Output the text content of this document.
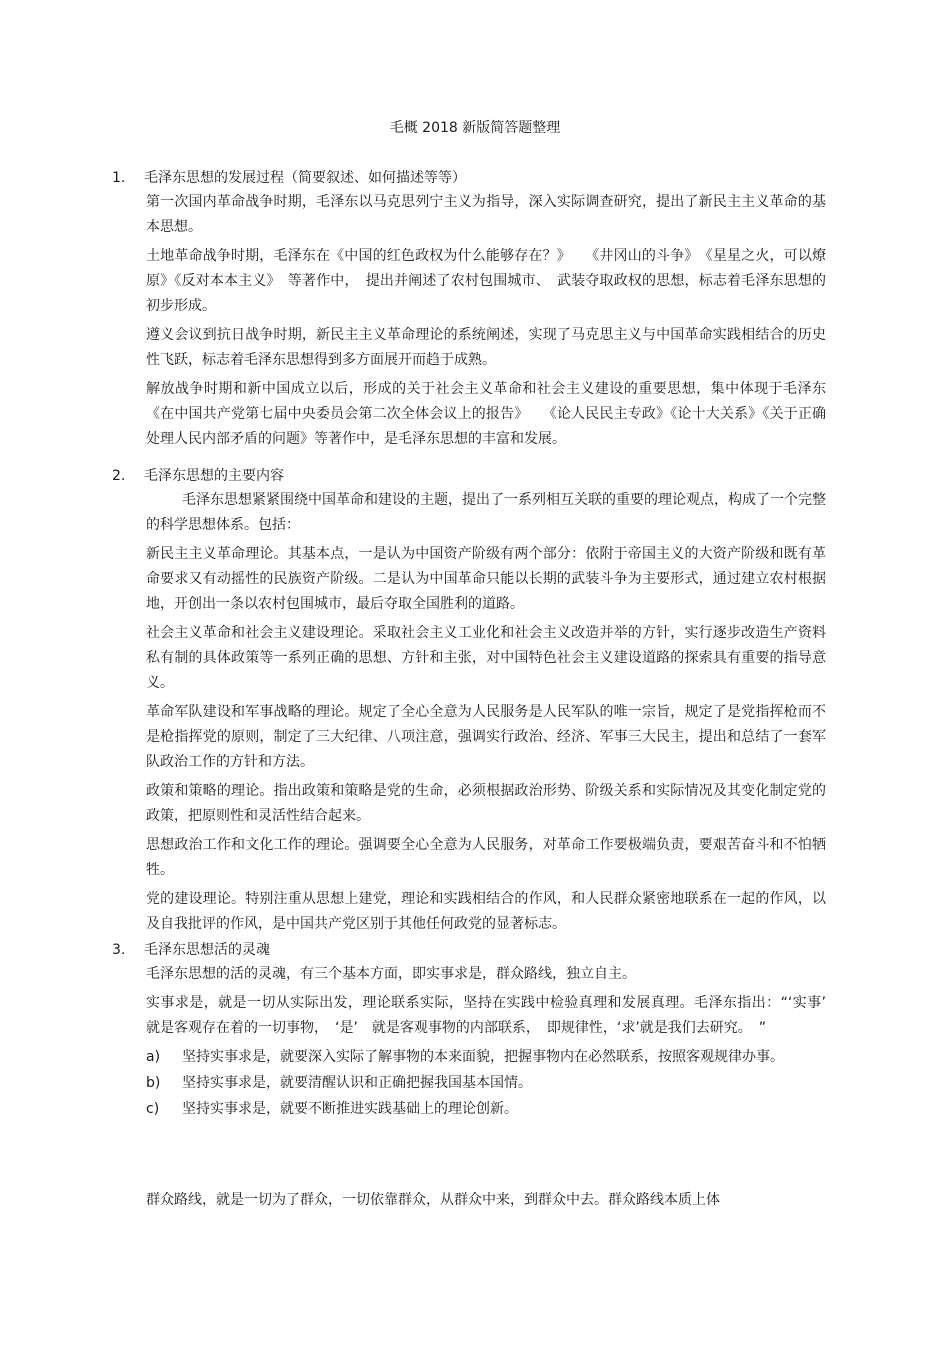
毛概 2018 新版简答题整理
1.	毛泽东思想的发展过程（简要叙述、如何描述等等）
第一次国内革命战争时期，毛泽东以马克思列宁主义为指导，深入实际调查研究，提出了新民主主义革命的基本思想。
土地革命战争时期，毛泽东在《中国的红色政权为什么能够存在？》　　《井冈山的斗争》　《星星之火，可以燎原》《反对本本主义》　等著作中，　提出并阐述了农村包围城市、　武装夺取政权的思想，标志着毛泽东思想的初步形成。
遵义会议到抗日战争时期，新民主主义革命理论的系统阐述，实现了马克思主义与中国革命实践相结合的历史性飞跃，标志着毛泽东思想得到多方面展开而趋于成熟。
解放战争时期和新中国成立以后，形成的关于社会主义革命和社会主义建设的重要思想，集中体现于毛泽东《在中国共产党第七届中央委员会第二次全体会议上的报告》　　《论人民民主专政》《论十大关系》《关于正确处理人民内部矛盾的问题》等著作中，是毛泽东思想的丰富和发展。
2.	毛泽东思想的主要内容
毛泽东思想紧紧围绕中国革命和建设的主题，提出了一系列相互关联的重要的理论观点，构成了一个完整的科学思想体系。包括：
新民主主义革命理论。其基本点，一是认为中国资产阶级有两个部分：依附于帝国主义的大资产阶级和既有革命要求又有动摇性的民族资产阶级。二是认为中国革命只能以长期的武装斗争为主要形式，通过建立农村根据地，开创出一条以农村包围城市，最后夺取全国胜利的道路。
社会主义革命和社会主义建设理论。采取社会主义工业化和社会主义改造并举的方针，实行逐步改造生产资料私有制的具体政策等一系列正确的思想、方针和主张，对中国特色社会主义建设道路的探索具有重要的指导意义。
革命军队建设和军事战略的理论。规定了全心全意为人民服务是人民军队的唯一宗旨，规定了是党指挥枪而不是枪指挥党的原则，制定了三大纪律、八项注意，强调实行政治、经济、军事三大民主，提出和总结了一套军队政治工作的方针和方法。
政策和策略的理论。指出政策和策略是党的生命，必须根据政治形势、阶级关系和实际情况及其变化制定党的政策，把原则性和灵活性结合起来。
思想政治工作和文化工作的理论。强调要全心全意为人民服务，对革命工作要极端负责，要艰苦奋斗和不怕牺牲。
党的建设理论。特别注重从思想上建党，理论和实践相结合的作风，和人民群众紧密地联系在一起的作风，以及自我批评的作风，是中国共产党区别于其他任何政党的显著标志。
3.	毛泽东思想活的灵魂
毛泽东思想的活的灵魂，有三个基本方面，即实事求是，群众路线，独立自主。
实事求是，就是一切从实际出发，理论联系实际，坚持在实践中检验真理和发展真理。毛泽东指出：“‘实事’　就是客观存在着的一切事物，　‘是’　就是客观事物的内部联系，　即规律性，‘求’就是我们去研究。　”
a)	坚持实事求是，就要深入实际了解事物的本来面貌，把握事物内在必然联系，按照客观规律办事。
b)	坚持实事求是，就要清醒认识和正确把握我国基本国情。
c)	坚持实事求是，就要不断推进实践基础上的理论创新。
群众路线，就是一切为了群众，一切依靠群众，从群众中来，到群众中去。群众路线本质上体
